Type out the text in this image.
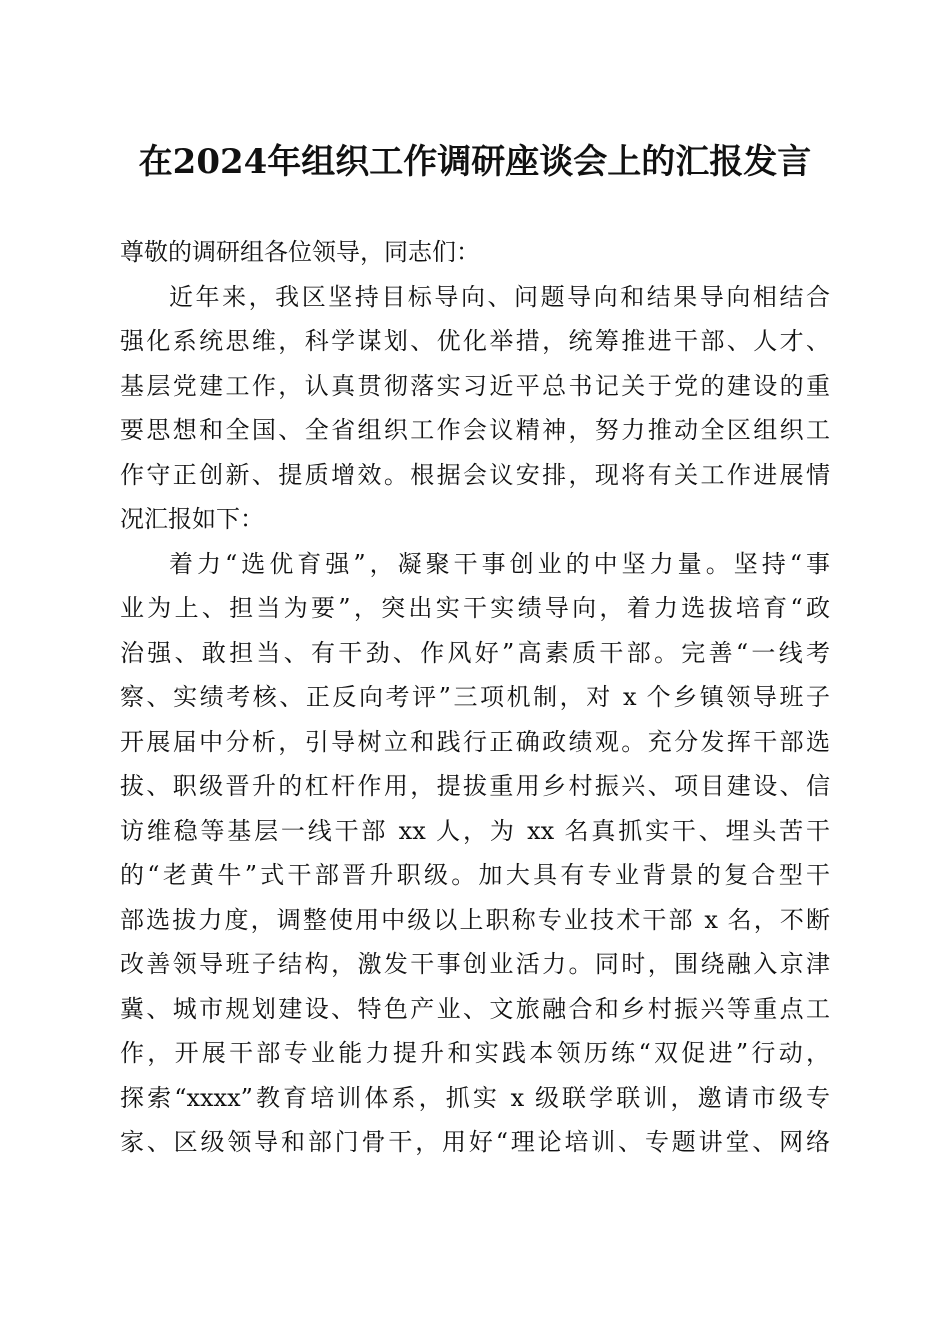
在2024年组织工作调研座谈会上的汇报发言
尊敬的调研组各位领导，同志们：
近年来，我区坚持目标导向、问题导向和结果导向相结合
强化系统思维，科学谋划、优化举措，统筹推进干部、人才、
基层党建工作，认真贯彻落实习近平总书记关于党的建设的重
要思想和全国、全省组织工作会议精神，努力推动全区组织工
作守正创新、提质增效。根据会议安排，现将有关工作进展情
况汇报如下：
着力“选优育强”，凝聚干事创业的中坚力量。坚持“事
业为上、担当为要”，突出实干实绩导向，着力选拔培育“政
治强、敢担当、有干劲、作风好”高素质干部。完善“一线考
察、实绩考核、正反向考评”三项机制，对 x 个乡镇领导班子
开展届中分析，引导树立和践行正确政绩观。充分发挥干部选
拔、职级晋升的杠杆作用，提拔重用乡村振兴、项目建设、信
访维稳等基层一线干部 xx 人，为 xx 名真抓实干、埋头苦干
的“老黄牛”式干部晋升职级。加大具有专业背景的复合型干
部选拔力度，调整使用中级以上职称专业技术干部 x 名，不断
改善领导班子结构，激发干事创业活力。同时，围绕融入京津
冀、城市规划建设、特色产业、文旅融合和乡村振兴等重点工
作，开展干部专业能力提升和实践本领历练“双促进”行动，
探索“xxxx”教育培训体系，抓实 x 级联学联训，邀请市级专
家、区级领导和部门骨干，用好“理论培训、专题讲堂、网络
